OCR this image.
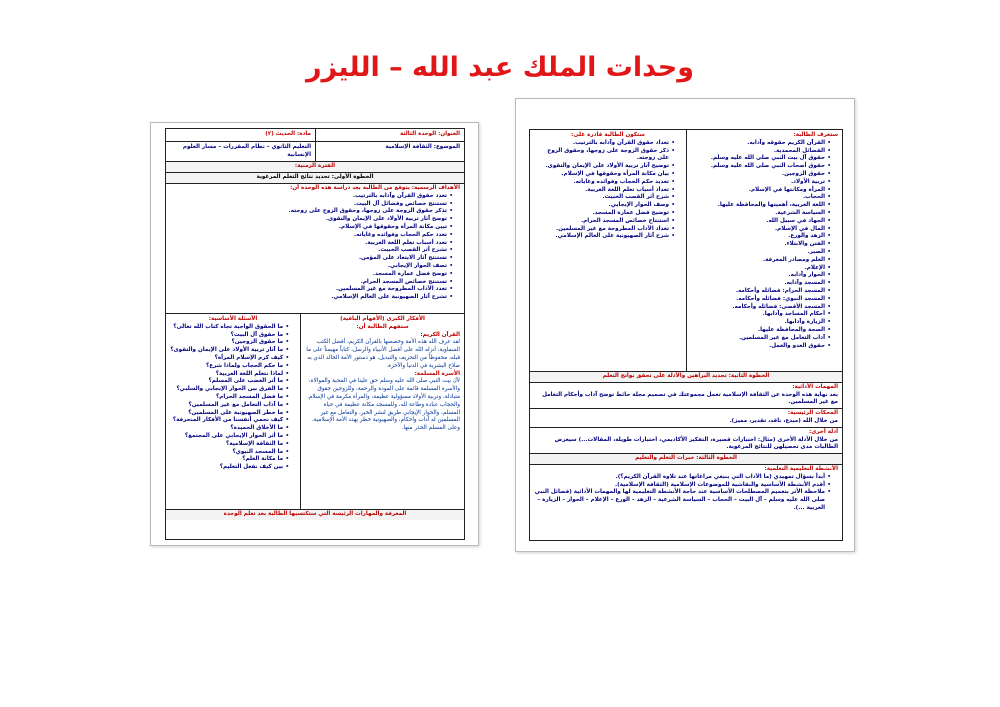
وحدات الملك عبد الله – الليزر
العنوان: الوحدة الثالثة
مادة: الحديث (٢)
الموضوع: الثقافة الإسلامية
التعليم الثانوي – نظام المقررات – مسار العلوم الإنسانية
الفترة الزمنية:
الخطوة الأولى: تحديد نتائج التعلم المرغوبة
الأهداف الرسمية: يتوقع من الطالبة بعد دراسة هذه الوحدة أن:
• تعدد حقوق القرآن وآدابه بالترتيب.
• تستنتج خصائص وفضائل آل البيت.
• تذكر حقوق الزوجة على زوجها، وحقوق الزوج على زوجته.
• توضح آثار تربية الأولاد على الإيمان والتقوى.
• تبين مكانة المرأة وحقوقها في الإسلام.
• تعدد حكم الحجاب وفوائده وغاياته.
• تعدد أسباب تعلم اللغة العربية.
• تشرح أثر القصب الخبيث.
• تستنتج آثار الابتعاد على المؤمن.
• تصف الحوار الإيجابي.
• توضح فضل عمارة المسجد.
• تستنتج خصائص المسجد الحرام.
• تعدد الآداب المطروحة مع غير المسلمين.
• تشرح آثار الصهيونية على العالم الإسلامي.
الأفكار الكبرى (الأفهام الباقية)
ستفهم الطالبة أن:
القرآن الكريم:
لقد عرف الله هذه الأمة وخصصها بالقرآن الكريم، أفضل الكتب السماوية، أنزله الله على أفضل الأنبياء والرسل، كتاباً مهيمناً على ما قبله، محفوظاً من التحريف والتبديل، هو دستور الأمة الخالد الذي به صلاح البشرية في الدنيا والآخرة.
الأسرة المسلمة:
لآل بيت النبي صلى الله عليه وسلم حق علينا في المحبة والموالاة، والأسرة المسلمة قائمة على المودة والرحمة، وللزوجين حقوق متبادلة، وتربية الأولاد مسؤولية عظيمة، والمرأة مكرمة في الإسلام.
والحجاب عبادة وطاعة لله، وللمسجد مكانة عظيمة في حياة المسلم، والحوار الإيجابي طريق لنشر الخير، والتعامل مع غير المسلمين له آداب وأحكام، والصهيونية خطر يهدد الأمة الإسلامية، وعلى المسلم الحذر منها.
الأسئلة الأساسية:
• ما الحقوق الواجبة تجاه كتاب الله تعالى؟
• ما حقوق آل البيت؟
• ما حقوق الزوجين؟
• ما آثار تربية الأولاد على الإيمان والتقوى؟
• كيف كرم الإسلام المرأة؟
• ما حكم الحجاب ولماذا شرع؟
• لماذا نتعلم اللغة العربية؟
• ما أثر الغضب على المسلم؟
• ما الفرق بين الحوار الإيجابي والسلبي؟
• ما فضل المسجد الحرام؟
• ما آداب التعامل مع غير المسلمين؟
• ما خطر الصهيونية على المسلمين؟
• كيف نحمي أنفسنا من الأفكار المنحرفة؟
• ما الأخلاق الحميدة؟
• ما أثر الحوار الإيجابي على المجتمع؟
• ما الثقافة الإسلامية؟
• ما المسجد النبوي؟
• ما مكانة العلم؟
• بين كيف نفعل التعليم؟
المعرفة والمهارات الرئيسة التي ستكتسبها الطالبة بعد تعلم الوحدة
ستعرف الطالبة:
• القرآن الكريم حقوقه وآدابه.
• الفضائل المحمدية.
• حقوق آل بيت النبي صلى الله عليه وسلم.
• حقوق أصحاب النبي صلى الله عليه وسلم.
• حقوق الزوجين.
• تربية الأولاد.
• المرأة ومكانتها في الإسلام.
• الحجاب.
• اللغة العربية، أهميتها والمحافظة عليها.
• السياسة الشرعية.
• الجهاد في سبيل الله.
• المال في الإسلام.
• الزهد والورع.
• الفتن والابتلاء.
• الصبر.
• العلم ومصادر المعرفة.
• الإعلام.
• الحوار وآدابه.
• المسجد وآدابه.
• المسجد الحرام: فضائله وأحكامه.
• المسجد النبوي: فضائله وأحكامه.
• المسجد الأقصى: فضائله وأحكامه.
• أحكام المساجد وآدابها.
• الزيارة وآدابها.
• الصحة والمحافظة عليها.
• آداب التعامل مع غير المسلمين.
• حقوق العدو والعمل.
ستكون الطالبة قادرة على:
• تعداد حقوق القرآن وآدابه بالترتيب.
• ذكر حقوق الزوجة على زوجها، وحقوق الزوج على زوجته.
• توضيح آثار تربية الأولاد على الإيمان والتقوى.
• بيان مكانة المرأة وحقوقها في الإسلام.
• تعديد حكم الحجاب وفوائده وغاياته.
• تعداد أسباب تعلم اللغة العربية.
• شرح أثر القصب الخبيث.
• وصف الحوار الإيجابي.
• توضيح فضل عمارة المسجد.
• استنتاج خصائص المسجد الحرام.
• تعداد الآداب المطروحة مع غير المسلمين.
• شرح آثار الصهيونية على العالم الإسلامي.
الخطوة الثانية: تحديد البراهين والأدلة على تحقق نواتج التعلم
المهمات الأدائية:
بعد نهاية هذه الوحدة عن الثقافة الإسلامية تعمل مجموعتك في تصميم مجلة حائط توضح آداب وأحكام التعامل مع غير المسلمين.
المحكات الرئيسية:
من خلال الله (مبدع، ناقد، تقدير، مميز).
أدلة أخرى:
من خلال الأدلة الأخرى (مثال: اختبارات قصيرة، التفكير الأكاديمي، اختبارات طويلة، المقالات...) سيعرض الطالبات مدى تحصيلهن للنتائج المرغوبة.
الخطوة الثالثة: خبرات التعلم والتعليم
الأنشطة التعليمية التعلمية:
• أبدأ بسؤال تمهيدي (ما الآداب التي ينبغي مراعاتها عند تلاوة القرآن الكريم؟).
• أقدم الأنشطة الأساسية والنقاشية للموضوعات الإسلامية (الثقافة الإسلامية).
• ملاحظة الأثر بتعميم المصطلحات الأساسية عند حاجة الأنشطة التعليمية لها والمهمات الأدائية (فضائل النبي صلى الله عليه وسلم – آل البيت – الحجاب – السياسة الشرعية – الزهد – الورع – الإعلام – الحوار – الزيارة – العربية ...).
